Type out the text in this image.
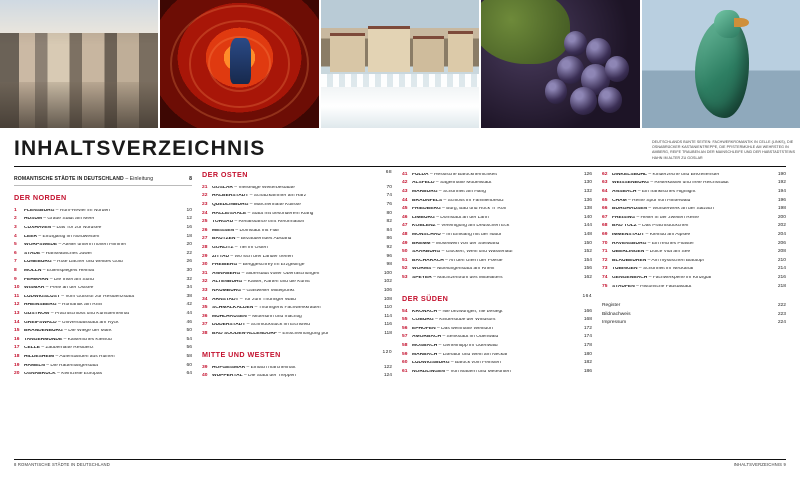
INHALTSVERZEICHNIS	DEUTSCHLANDS BUNTE SEITEN: FACHWERKROMANTIK IN CELLE (LINKS), DIE OSNABRÜCKER KASTANIENTREPPE, DIE PFISTERMÜHLE AM WEHRSTEG IN AMBERG, REIFE TRAUBEN AN DER MAINSCHLEIFE UND DER HABSTADTSTEINS HAHN IM ALTER ZU GOSLAR
ROMANTISCHE STÄDTE IN DEUTSCHLAND – Einleitung	8
DER NORDEN
1	FLENSBURG – Rum-Revier im Norden	10
2	HUSUM – Graue Stadt am Meer	12
3	CUXHAVEN – Das Tor zur Nordsee	16
4	LEER – Einzigartig im Nordwesten	18
5	WORPSWEDE – Atelier unterm hohen Himmel	20
6	STADE – Hanseatisches Juwel	22
7	LÜNEBURG – Rote Dächer und weißes Gold	26
8	MÖLLN – Eulenspiegels Heimat	30
9	FEHMARN – Die Insel am Sund	32
10 WISMAR – Perle an der Ostsee	34
11 LUDWIGSLUST – Vom Gutshof zur Residenzstadt	38
12 RHEINSBERG – Romantik am Rhin	42
13 GÜSTROW – Prachtschloss und Künstlerheimat	44
14 GREIFSWALD – Universitätsstadt am Ryck	46
15 BRANDENBURG – Die Wiege der Mark	50
16 TANGERMÜNDE – Kaiserliches Kleinod	54
17 CELLE – Zauberhafte Residenz	56
18 HILDESHEIM – Auferstanden aus Ruinen	58
19 HAMELN – Die Rattenfängerstadt	60
20 OSNABRÜCK – Keimzelle Europas	64
DER OSTEN	68
21 GOSLAR – Vielseitige Welterbestädte	70
22 HALBERSTADT – Schatzkammer am Harz	74
23 QUEDLINBURG – Märchenhafte Kulisse	76
24 HALLE/SAALE – Stadt mit besonderem Klang	80
25 TORGAU – Renaissance trifft Reformation	82
26 MEISSEN – Domstadt mit Flair	84
27 BAUTZEN – Bezauberndes Abstand	86
28 GÖRLITZ – Tief im Osten	92
29 ZITTAU – Wo sich drei Länder treffen	96
30 FREIBERG – Berggeschrey im Erzgebirge	98
31 ANNABERG – Silberstadt voller Überraschungen	100
32 ALTENBURG – Kaiser, Karten und die Kunst	102
33 NAUMBURG – Glasweiler Mittelpunkt	106
34 ARNSTADT – Tor zum Thüringer Wald	108
35 SCHMALKALDEN – Thüringens Fachwerkkrauen	110
36 MÜHLHAUSEN – Mittendrin und mächtig	114
37 DUDERSTADT – Schmuckstück im Eichsfeld	116
38 BAD SOODEN-ALLENDORF – Entscheinungung pur	118
MITTE UND WESTEN	120
39 HOFGEISMAR – Einfach märchenhaft	122
40 WUPPERTAL – Die Stadt der Treppen	124
41 FULDA – Hessische Barockherrlichkeit	126
42 ALSFELD – Sagenhafte Modellstadt	130
43 MARBURG – Schönheit am Hang	132
44 BRAUNFELS – Schloss im Familienbesitz	136
45 FRIEDBERG – Burg, Bad und Rock 'n' Roll	138
46 LIMBURG – Domstadt an der Lahn	140
47 KOBLENZ – Vereinigung am Deutschen Eck	144
48 MONSCHAU – Im Einklang mit der Natur	148
49 BREMM – Moselwein von der Steilwand	150
50 SAARBURG – Glocken, Wein und Wasserlauf	152
51 BACHARACH – An den Ufern der Poesie	154
52 WORMS – Nibelungenstadt am Rhein	156
53 SPEYER – Machtzentrum des Mittelalters	162
DER SÜDEN	164
54 KRONACH – Nie bezwungen, nie besiegt	166
55 COBURG – Kinderstube der Windsors	168
56 EPHOFEN – Das weinhafte Weindorf	172
57 AMORBACH – Senkstadt im Odenwald	174
58 MOSBACH – Geheimtipp im Odenwald	178
59 MARBACH – Literatur und Wein am Neckar	180
60 LUDWIGSBURG – Barock vom Feinsten	182
61 NÖRDLINGEN – Von Mauern und Meteoriten	186
62 DINKELSBÜHL – Kinderzeche und Brezelfenster	190
63 WEISSENBURG – Reiterkastell und freie Reichsstadt	192
64 ANSBACH – Ein fränkisches Highlight	194
65 CHAM – Reine Spur von Hinterwald	196
66 BURGHAUSEN – Wunderwerk an der Salzach	198
67 FREISING – Heiler in der zweiten Reihe	200
68 BAD TÖLZ – Das Prachtstückchen	202
69 IMMENSTADT – Kleinod am Alpsee	204
70 RAVENSBURG – Ein reiches Pflaster	206
71 ÜBERLINGEN – Dolce Vita am See	208
72 BLAUBEUREN – Am mystischen Blautopf	210
73 TÜBINGEN – Schönheit im Neckartal	214
74 GENGENBACH – Fachwerkperle im Kinzigtal	216
75 STAUFEN – Historische Faustastadt	218
Register	222
Bildnachweis	223
Impressum	224
8 ROMANTISCHE STÄDTE IN DEUTSCHLAND	INHALTSVERZEICHNIS 9
